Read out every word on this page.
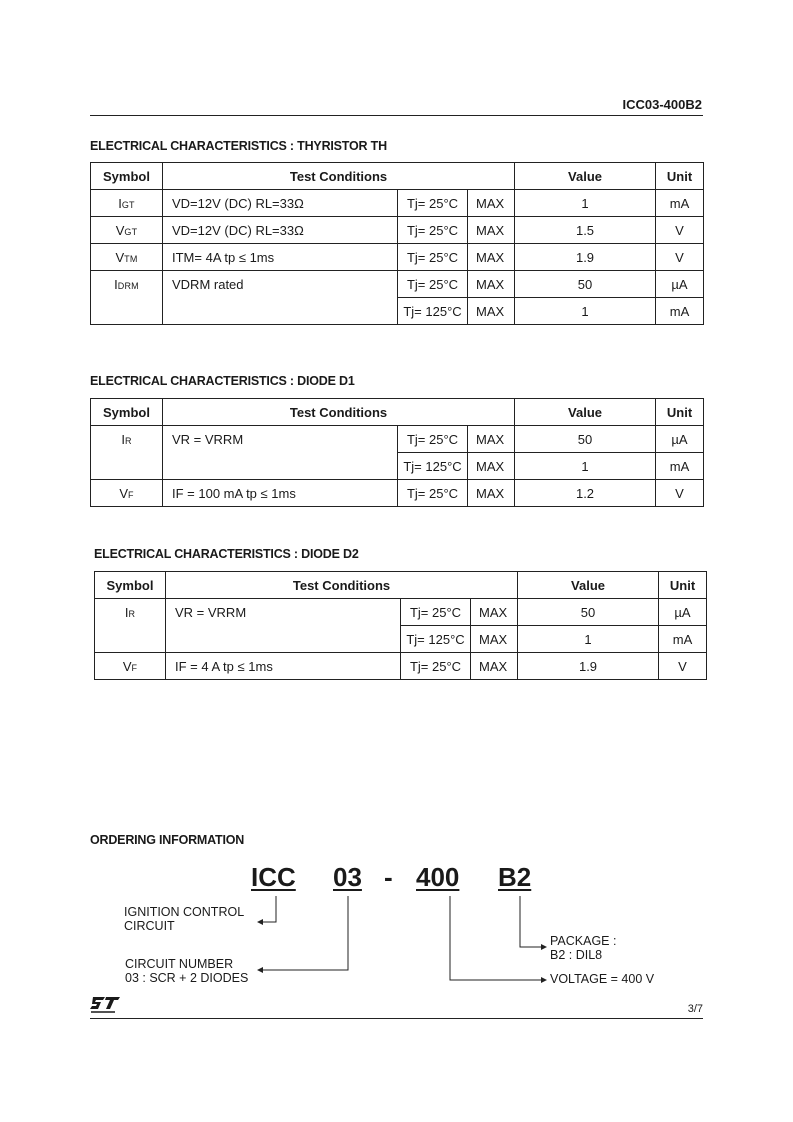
ICC03-400B2
ELECTRICAL CHARACTERISTICS : THYRISTOR TH
Symbol	Test Conditions			Value	Unit
IGT	VD=12V (DC) RL=33Ω	Tj= 25°C	MAX	1	mA
VGT	VD=12V (DC) RL=33Ω	Tj= 25°C	MAX	1.5	V
VTM	ITM= 4A tp ≤ 1ms	Tj= 25°C	MAX	1.9	V
IDRM	VDRM rated	Tj= 25°C	MAX	50	µA
		Tj= 125°C	MAX	1	mA
ELECTRICAL CHARACTERISTICS : DIODE D1
Symbol	Test Conditions			Value	Unit
IR	VR = VRRM	Tj= 25°C	MAX	50	µA
		Tj= 125°C	MAX	1	mA
VF	IF = 100 mA tp ≤ 1ms	Tj= 25°C	MAX	1.2	V
ELECTRICAL CHARACTERISTICS : DIODE D2
Symbol	Test Conditions			Value	Unit
IR	VR = VRRM	Tj= 25°C	MAX	50	µA
		Tj= 125°C	MAX	1	mA
VF	IF = 4 A tp ≤ 1ms	Tj= 25°C	MAX	1.9	V
ORDERING INFORMATION
ICC 03 - 400 B2
IGNITION CONTROL
CIRCUIT
CIRCUIT NUMBER
03 : SCR + 2 DIODES
PACKAGE :
B2 : DIL8
VOLTAGE = 400 V
3/7
